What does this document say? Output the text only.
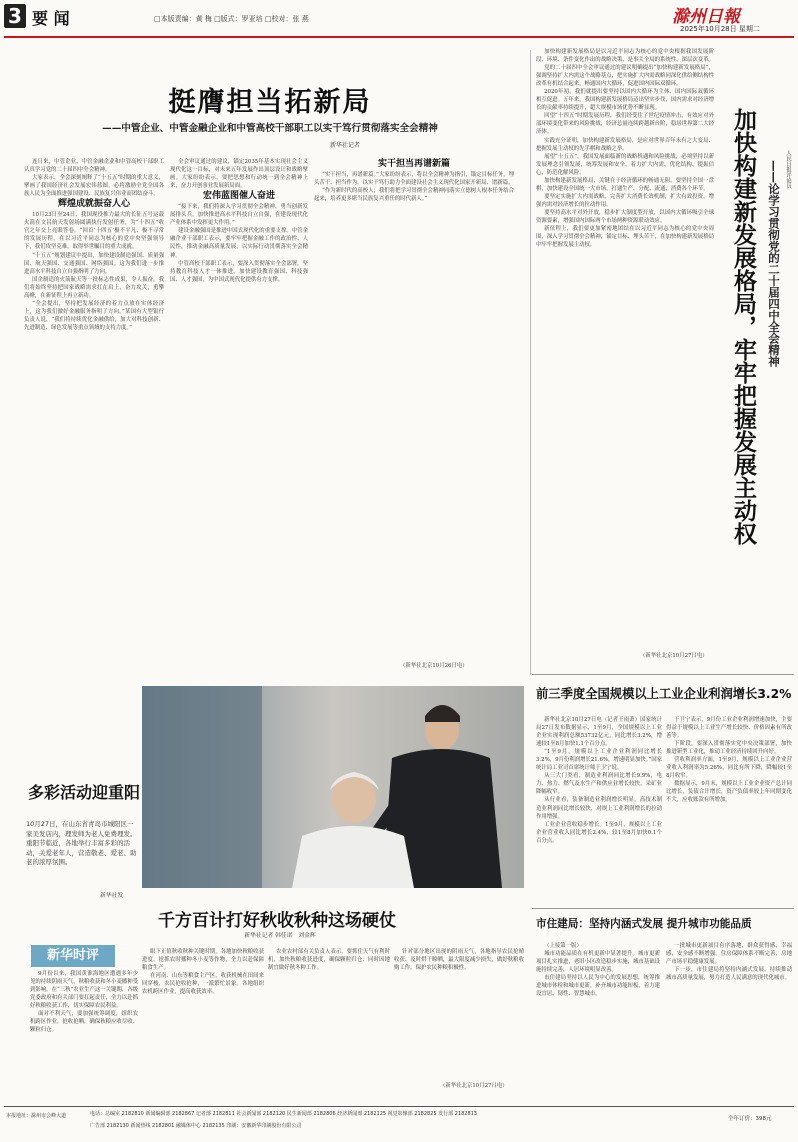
3 要 闻	□本版责编：黄 梅 □版式：罗亚培 □校对：张 燕	滁州日報
2025年10月28日 星期二
挺膺担当拓新局
——中管企业、中管金融企业和中管高校干部职工以实干笃行贯彻落实全会精神
新华社记者

连日来，中管企业、中管金融企业和中管高校干部职工认真学习党的二十届四中全会精神。

大家表示，全会深刻阐释了“十五五”时期的重大意义，擘画了我国经济社会发展宏伟蓝图，必将激励全党全国各族人民为全面推进强国建设、民族复兴伟业而团结奋斗。

辉煌成就振奋人心

10月23日至24日，我国现役推力最大的长征五号运载火箭在文昌航天发射场圆满执行发射任务，为“十四五”收官之年交上亮眼答卷。“回首‘十四五’极不平凡、极不寻常的发展历程，在以习近平同志为核心的党中央坚强领导下，我们攻坚克难，取得举世瞩目的重大成就。

“十五五”规划建议中提出，加快建设制造强国、质量强国、航天强国、交通强国、网络强国。这为我们进一步推进高水平科技自立自强指明了方向。

国企制造的火箭航天等一批标志性成果，令人振奋。我们将始终坚持把国家战略需求扛在肩上，奋力攻关，勇攀高峰，在新征程上再立新功。

“全会提出，坚持把发展经济的着力点放在实体经济上，这为我们做好金融服务指明了方向。”某国有大型银行负责人说，“我们将持续优化金融供给，加大对科技创新、先进制造、绿色发展等重点领域的支持力度。”

全会审议通过的建议，锚定2035年基本实现社会主义现代化这一目标，对未来五年发展作出顶层设计和战略擘画。大家纷纷表示，要把思想和行动统一到全会精神上来，奋力开创事业发展新局面。

宏伟蓝图催人奋进

“接下来，我们将深入学习贯彻全会精神，勇当创新发展排头兵，加快推进高水平科技自立自强，在建设现代化产业体系中发挥更大作用。”

建设金融强国是推进中国式现代化的重要支撑。中管金融企业干部职工表示，要牢牢把握金融工作的政治性、人民性，推动金融高质量发展，以实际行动贯彻落实全会精神。

中管高校干部职工表示，要深入贯彻落实全会部署，坚持教育科技人才一体推进，加快建设教育强国、科技强国、人才强国，为中国式现代化提供有力支撑。

实干担当再谱新篇

“实干担当，再谱新篇。”大家纷纷表示，将以全会精神为指引，锚定目标任务，埋头苦干、担当作为，以实干笃行助力全面建设社会主义现代化国家开新局、谱新篇。

“作为新时代的高校人，我们将把学习贯彻全会精神同落实立德树人根本任务结合起来，培养更多堪当民族复兴重任的时代新人。”

（新华社北京10月26日电）

加快构建新发展格局是以习近平同志为核心的党中央根据我国发展阶段、环境、条件变化作出的战略决策，是事关全局的系统性、深层次变革。

党的二十届四中全会审议通过的建议明确提出“加快构建新发展格局”，强调坚持扩大内需这个战略基点，把实施扩大内需战略同深化供给侧结构性改革有机结合起来，畅通国内大循环，促进国内国际双循环。

2020年初，我们就提出要坚持以国内大循环为主体、国内国际双循环相互促进。五年来，我国构建新发展格局迈出坚实步伐，国内需求对经济增长的贡献率持续提升，超大规模市场优势不断显现。

回望“十四五”时期发展历程，我们经受住了世纪疫情冲击，有效应对外部环境变化带来的风险挑战，经济总量连续跨越新台阶，稳居世界第二大经济体。

实践充分证明，加快构建新发展格局，是应对世界百年未有之大变局、把握发展主动权的先手棋和战略之举。

展望“十五五”，我国发展面临新的战略机遇和风险挑战，必须坚持以新发展理念引领发展，统筹发展和安全，着力扩大内需、优化结构、提振信心、防范化解风险。

加快构建新发展格局，关键在于经济循环的畅通无阻。要坚持全国一盘棋，加快建设全国统一大市场，打通生产、分配、流通、消费各个环节。

要坚定实施扩大内需战略，完善扩大消费长效机制，扩大有效投资，增强内需对经济增长的拉动作用。

要坚持高水平对外开放，稳步扩大制度型开放，以国内大循环吸引全球资源要素，增强国内国际两个市场两种资源联动效应。

新征程上，我们要更加紧密地团结在以习近平同志为核心的党中央周围，深入学习贯彻全会精神，锚定目标、埋头苦干，在加快构建新发展格局中牢牢把握发展主动权。

（新华社北京10月27日电）
加快构建新发展格局，牢牢把握发展主动权 ——论学习贯彻党的二十届四中全会精神 人民日报评论员
前三季度全国规模以上工业企业利润增长3.2%

新华社北京10月27日电（记者王雨萧）国家统计局27日发布数据显示，1至9月，全国规模以上工业企业实现利润总额53732亿元，同比增长3.2%，增速较1至8月加快1.1个百分点。

“1至9月，规模以上工业企业利润同比增长3.2%，9月份利润增长21.6%，增速明显加快。”国家统计局工业司首席统计师于卫宁说。

从三大门类看，制造业利润同比增长9.9%，电力、热力、燃气及水生产和供应业增长较快，采矿业降幅收窄。

从行业看，装备制造业利润增长明显，高技术制造业利润同比增长较快，对规上工业利润增长的拉动作用增强。

工业企业营收稳步增长。1至9月，规模以上工业企业营业收入同比增长2.4%，较1至8月加快0.1个百分点。

于卫宁表示，9月份工业企业利润增速加快，主要得益于规模以上工业生产增长较快、价格因素有所改善等。

下阶段，要深入贯彻落实党中央决策部署，加快推进新型工业化，推动工业经济持续回升向好。

营收利润率方面，1至9月，规模以上工业企业营业收入利润率为5.26%，同比有所下降，降幅较1至8月收窄。

数据显示，9月末，规模以上工业企业资产总计同比增长，负债合计增长，资产负债率较上年同期变化不大，应收账款有所增加。

多彩活动迎重阳
10月27日，在山东省青岛市城阳区一家美发店内，理发师为老人免费理发。重阳节临近，各地举行丰富多彩的活动，关爱老年人，营造敬老、爱老、助老的浓厚氛围。
新华社发
千方百计打好秋收秋种这场硬仗
新华社记者 韩佳诺　刘金辉
新华时评

9月份以来，我国黄淮海地区遭遇多年少见的持续阴雨天气，秋粮收获和冬小麦播种受到影响。在“三秋”农业生产这一关键期，各级党委政府和有关部门要扛起责任，全力以赴抓好秋粮收获工作，切实保障农民利益。

面对不利天气，要加强统筹调度，组织农机跨区作业，抢收抢晒，确保秋粮应收尽收、颗粒归仓。

眼下正值秋收秋种关键时期，各地加快秋粮收获进度，抢抓农时播种冬小麦等作物，全力以赴保障粮食生产。

在河南、山东等粮食主产区，收获机械在田间来回穿梭，农民抢收抢种，一派繁忙景象。各地组织农机跨区作业，提高收获效率。

农业农村部有关负责人表示，要抓住天气有利时机，加快秋粮收获进度，确保颗粒归仓；同时因地制宜做好秋冬种工作。

针对部分地区出现的阴雨天气，各地指导农民抢晴收获、及时烘干晾晒，最大限度减少损失，做好秋粮收购工作，保护农民种粮积极性。

（新华社北京10月27日电）
市住建局：坚持内涵式发展 提升城市功能品质

（上接第一版）

城市功能品质在有机更新中显著提升。城市更新项目扎实推进，老旧小区改造稳步实施，城市基础设施持续完善，人居环境明显改善。

市住建局坚持以人民为中心的发展思想，统筹推进城市体检和城市更新，补齐城市功能短板，着力建设宜居、韧性、智慧城市。

一批城市更新项目有序落地，群众获得感、幸福感、安全感不断增强。住房保障体系不断完善，房地产市场平稳健康发展。

下一步，市住建局将坚持内涵式发展，持续推动城市高质量发展，努力打造人民满意的现代化城市。

本报地址：滁州市会峰大道	电话：总编室 2182810 新闻编辑部 2182867 记者部 2182811 社会新闻部 2182120 民生新闻部 2182806 经济新闻部 2182125 视觉影像部 2182825 发行部 2182813
广告部 2182130 新闻热线 2182801 融媒体中心 2182135 印刷：安徽新华印刷股份有限公司
全年订价：398元
